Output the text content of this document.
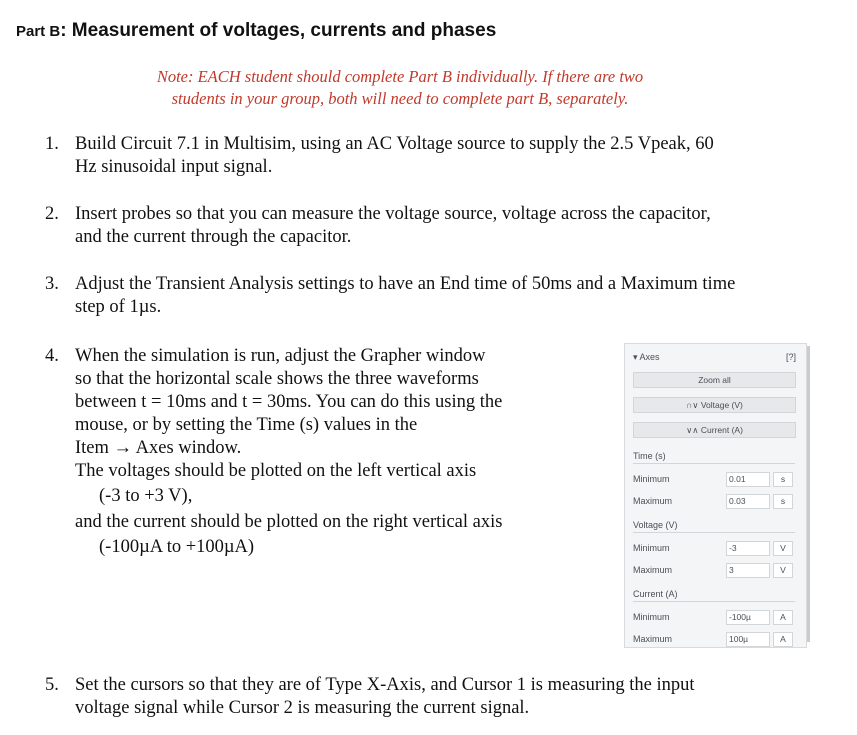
Part B: Measurement of voltages, currents and phases
Note: EACH student should complete Part B individually. If there are two
students in your group, both will need to complete part B, separately.
1. Build Circuit 7.1 in Multisim, using an AC Voltage source to supply the 2.5 Vpeak, 60
Hz sinusoidal input signal.
2. Insert probes so that you can measure the voltage source, voltage across the capacitor,
and the current through the capacitor.
3. Adjust the Transient Analysis settings to have an End time of 50ms and a Maximum time
step of 1µs.
4. When the simulation is run, adjust the Grapher window
so that the horizontal scale shows the three waveforms
between t = 10ms and t = 30ms. You can do this using the
mouse, or by setting the Time (s) values in the
Item → Axes window.
The voltages should be plotted on the left vertical axis
(-3 to +3 V),
and the current should be plotted on the right vertical axis
(-100µA to +100µA)
5. Set the cursors so that they are of Type X-Axis, and Cursor 1 is measuring the input
voltage signal while Cursor 2 is measuring the current signal.
▾ Axes	[?]
Zoom all
∩∨ Voltage (V)
∨∧ Current (A)
Time (s)
Minimum	0.01	s
Maximum	0.03	s
Voltage (V)
Minimum	-3	V
Maximum	3	V
Current (A)
Minimum	-100µ	A
Maximum	100µ	A
